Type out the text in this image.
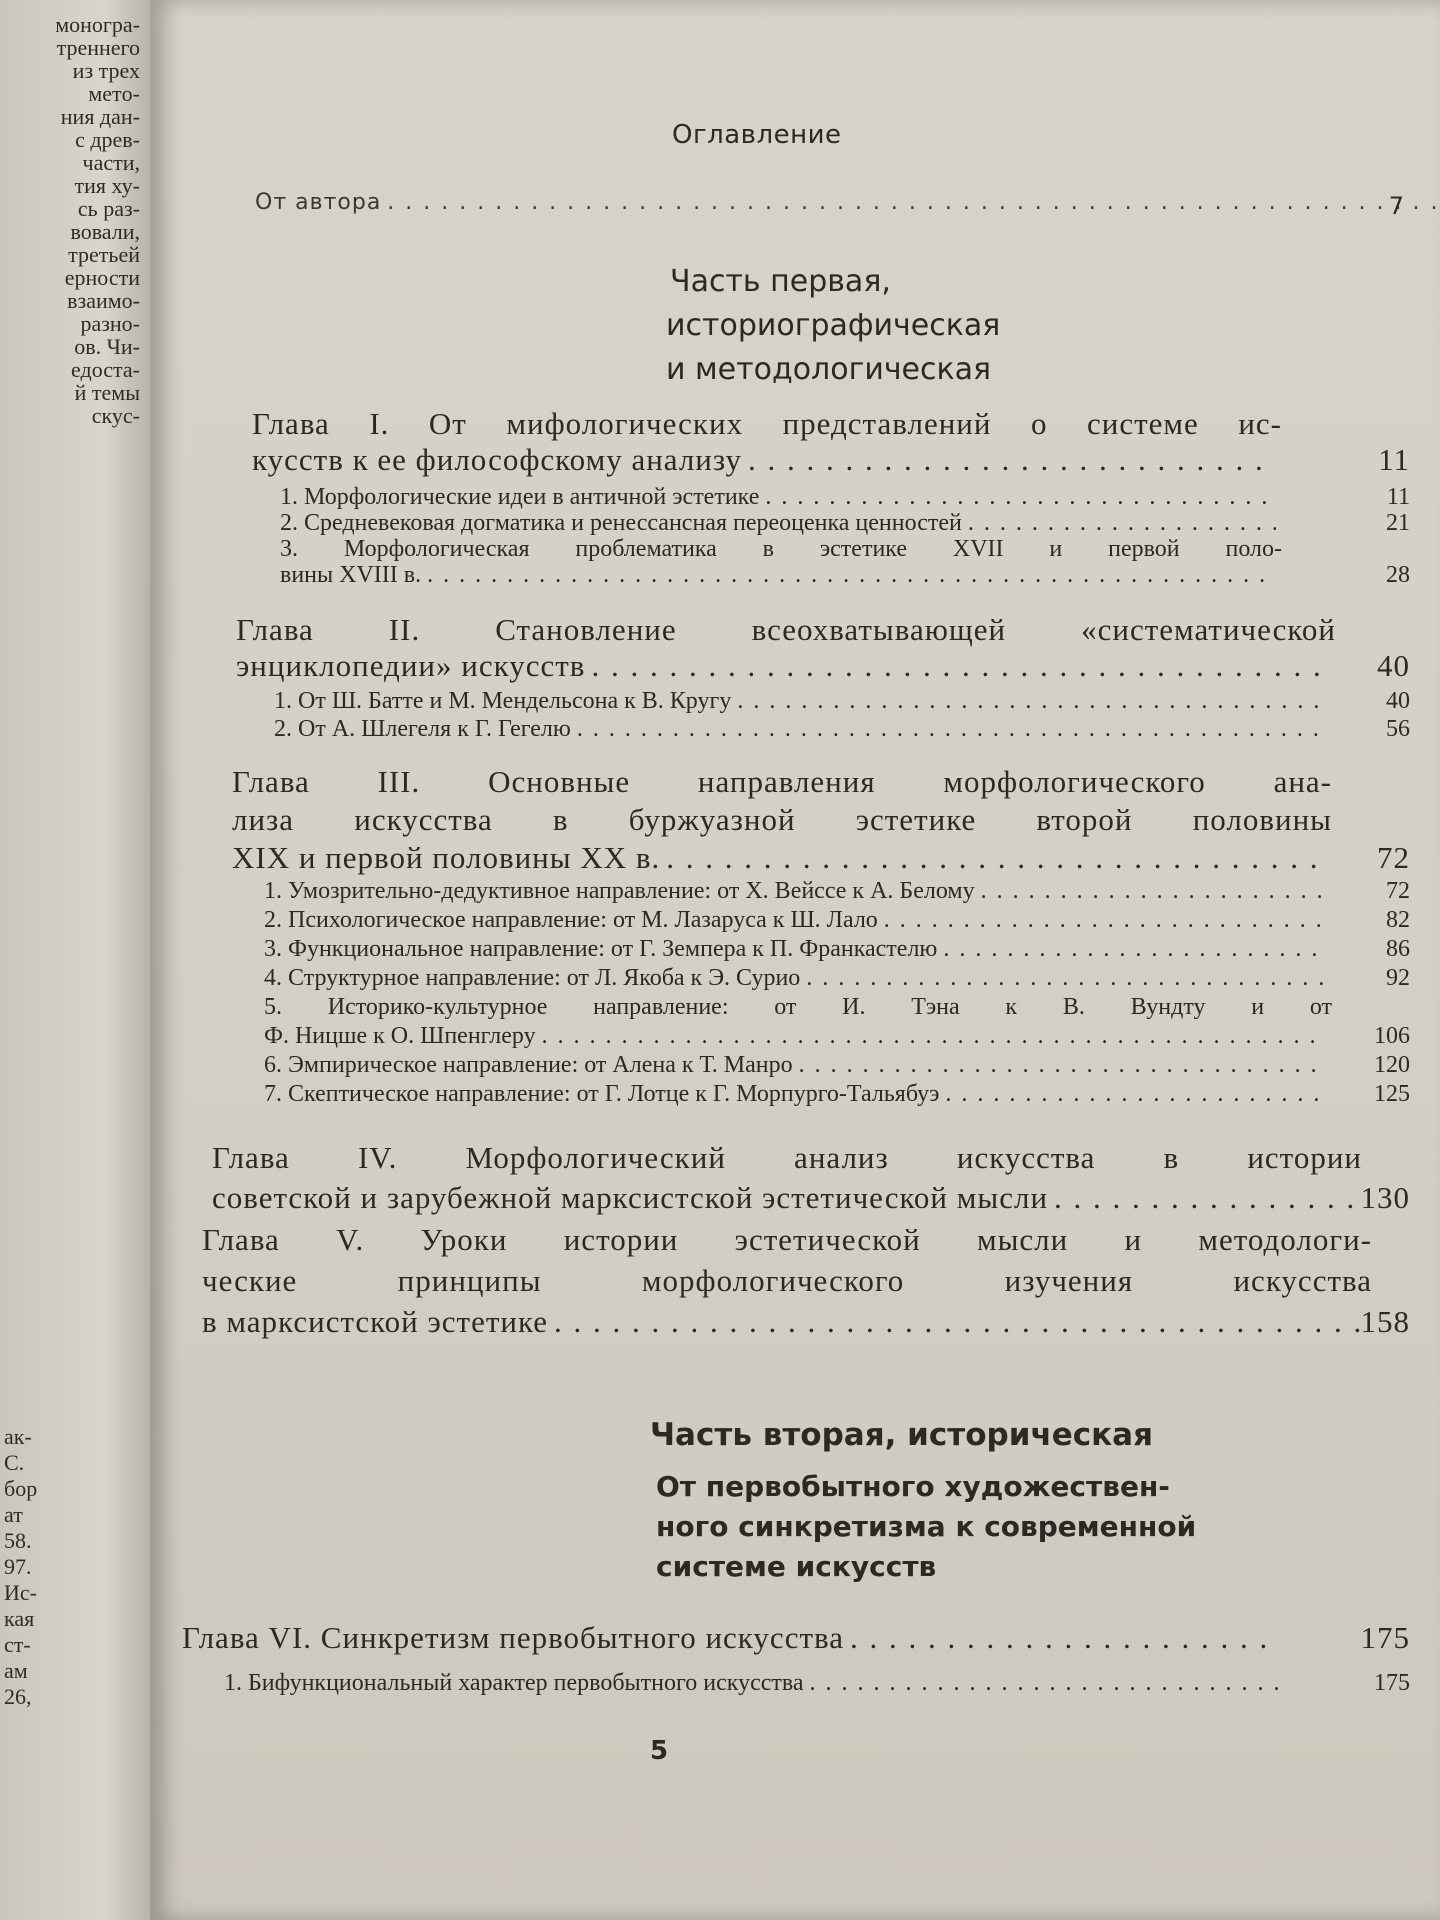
моногра-
треннего
из трех
метo-
ния дан-
с древ-
части,
тия ху-
сь раз-
вовали,
третьей
ерности
взаимо-
разно-
ов. Чи-
едоста-
й темы
скус-
ак-
С.
бор
ат
58.
97.
Ис-
кая
ст-
ам
26,
Оглавление
От автора . . .	7
Часть первая,
историографическая
и методологическая
Глава I. От мифологических представлений о системе ис-
кусств к ее философскому анализу . . .	11
1. Морфологические идеи в античной эстетике . . .	11
2. Средневековая догматика и ренессансная переоценка ценностей . . .	21
3. Морфологическая проблематика в эстетике XVII и первой поло-
вины XVIII в. . . .	28
Глава II. Становление всеохватывающей «систематической
энциклопедии» искусств . . .	40
1. От Ш. Батте и М. Мендельсона к В. Кругу . . .	40
2. От А. Шлегеля к Г. Гегелю . . .	56
Глава III. Основные направления морфологического ана-
лиза искусства в буржуазной эстетике второй половины
XIX и первой половины XX в. . . .	72
1. Умозрительно-дедуктивное направление: от Х. Вейссе к А. Белому . . .	72
2. Психологическое направление: от М. Лазаруса к Ш. Лало . . .	82
3. Функциональное направление: от Г. Земпера к П. Франкастелю . . .	86
4. Структурное направление: от Л. Якоба к Э. Сурио . . .	92
5. Историко-культурное направление: от И. Тэна к В. Вундту и от
Ф. Ницше к О. Шпенглеру . . .	106
6. Эмпирическое направление: от Алена к Т. Манро . . .	120
7. Скептическое направление: от Г. Лотце к Г. Морпурго-Тальябуэ . . .	125
Глава IV. Морфологический анализ искусства в истории
советской и зарубежной марксистской эстетической мысли . . .	130
Глава V. Уроки истории эстетической мысли и методологи-
ческие принципы морфологического изучения искусства
в марксистской эстетике . . .	158
Часть вторая, историческая
От первобытного художествен-
ного синкретизма к современной
системе искусств
Глава VI. Синкретизм первобытного искусства . . .	175
1. Бифункциональный характер первобытного искусства . . .	175
5
